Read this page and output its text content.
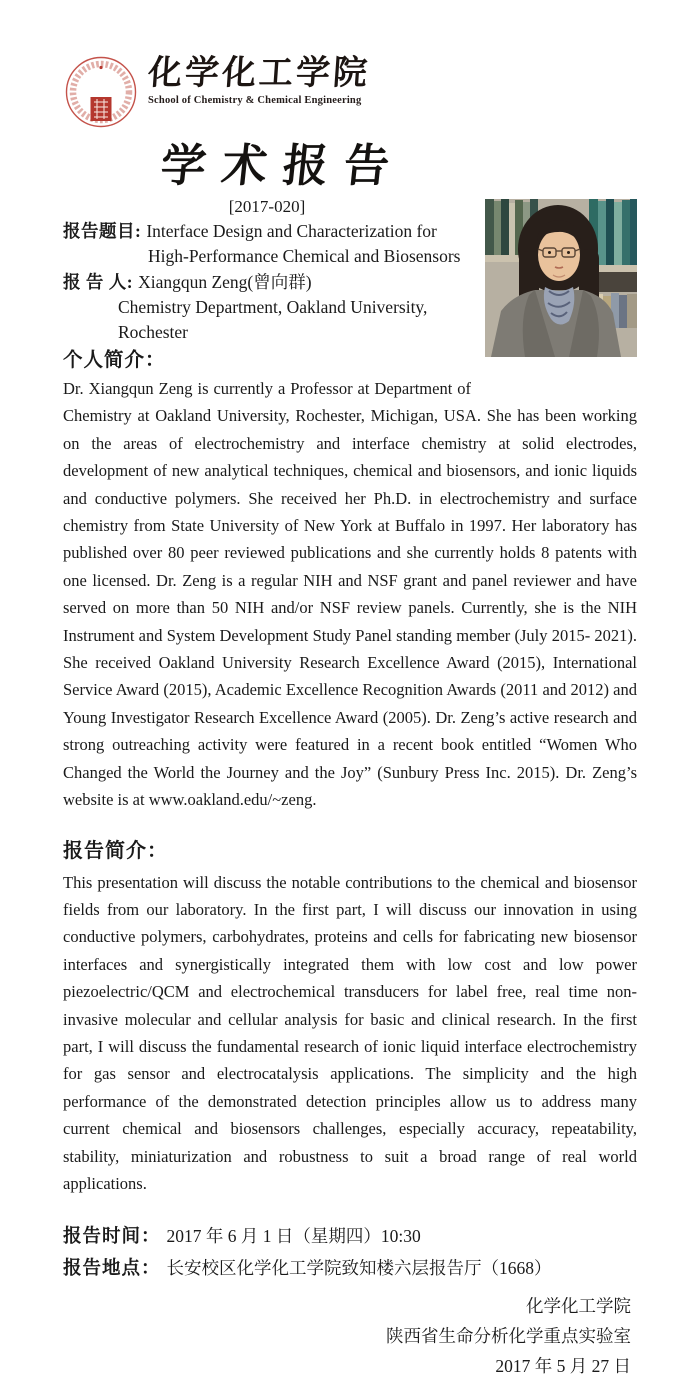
化学化工学院
School of Chemistry & Chemical Engineering
学术报告
[2017-020]
报告题目: Interface Design and Characterization for
High-Performance Chemical and Biosensors
报 告 人: Xiangqun Zeng(曾向群)
Chemistry Department, Oakland University, Rochester
个人简介：

Dr. Xiangqun Zeng is currently a Professor at Department of Chemistry at Oakland University, Rochester, Michigan, USA. She has been working on the areas of electrochemistry and interface chemistry at solid electrodes, development of new analytical techniques, chemical and biosensors, and ionic liquids and conductive polymers. She received her Ph.D. in electrochemistry and surface chemistry from State University of New York at Buffalo in 1997. Her laboratory has published over 80 peer reviewed publications and she currently holds 8 patents with one licensed. Dr. Zeng is a regular NIH and NSF grant and panel reviewer and have served on more than 50 NIH and/or NSF review panels. Currently, she is the NIH Instrument and System Development Study Panel standing member (July 2015- 2021). She received Oakland University Research Excellence Award (2015), International Service Award (2015), Academic Excellence Recognition Awards (2011 and 2012) and Young Investigator Research Excellence Award (2005). Dr. Zeng’s active research and strong outreaching activity were featured in a recent book entitled “Women Who Changed the World the Journey and the Joy” (Sunbury Press Inc. 2015). Dr. Zeng’s website is at www.oakland.edu/~zeng.

报告简介：

This presentation will discuss the notable contributions to the chemical and biosensor fields from our laboratory. In the first part, I will discuss our innovation in using conductive polymers, carbohydrates, proteins and cells for fabricating new biosensor interfaces and synergistically integrated them with low cost and low power piezoelectric/QCM and electrochemical transducers for label free, real time non-invasive molecular and cellular analysis for basic and clinical research. In the first part, I will discuss the fundamental research of ionic liquid interface electrochemistry for gas sensor and electrocatalysis applications. The simplicity and the high performance of the demonstrated detection principles allow us to address many current chemical and biosensors challenges, especially accuracy, repeatability, stability, miniaturization and robustness to suit a broad range of real world applications.

报告时间： 2017 年 6 月 1 日（星期四）10:30
报告地点： 长安校区化学化工学院致知楼六层报告厅（1668）
化学化工学院
陕西省生命分析化学重点实验室
2017 年 5 月 27 日
